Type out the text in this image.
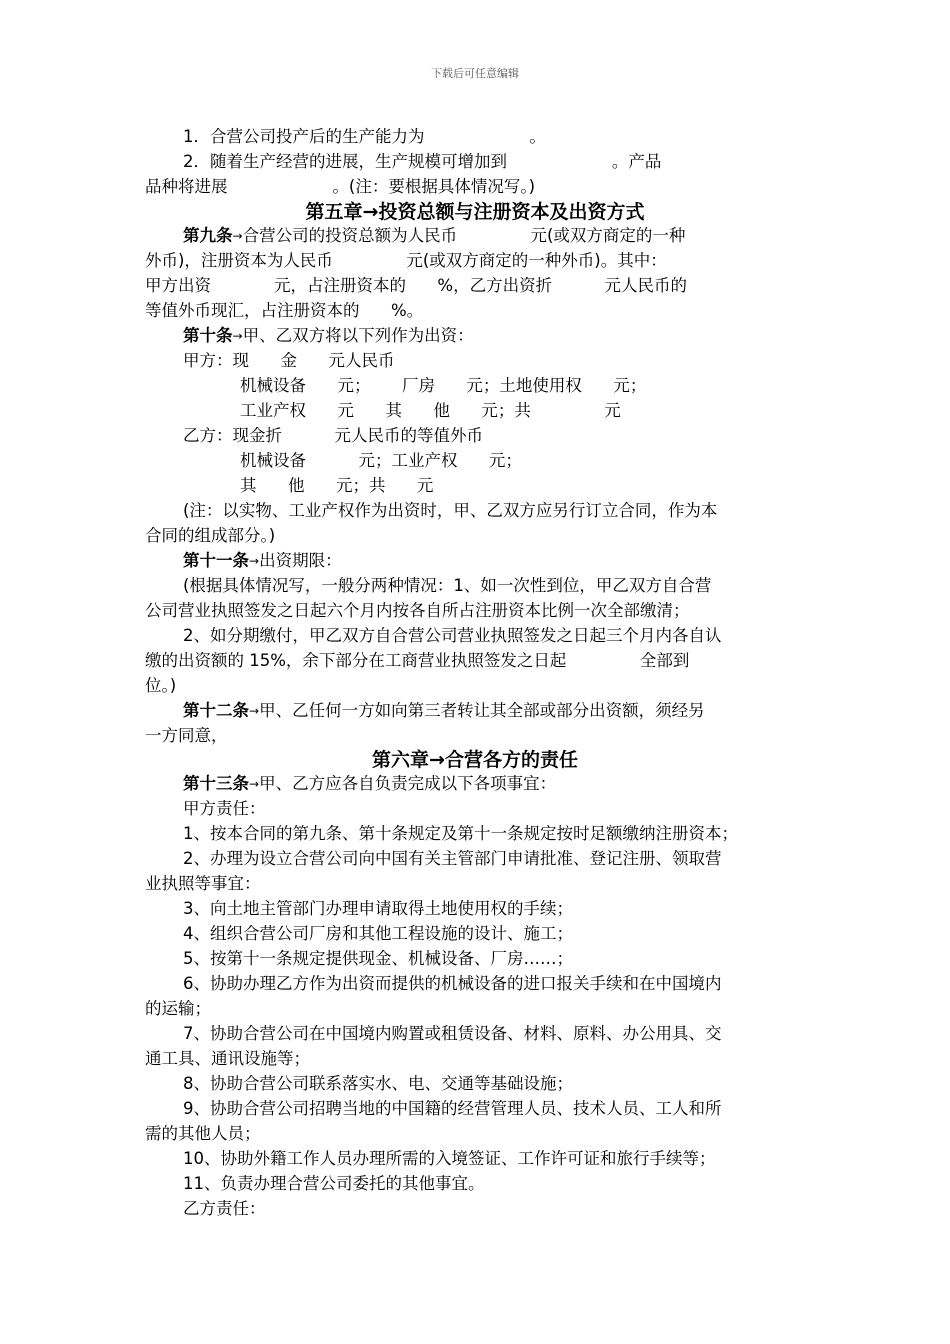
下载后可任意编辑
1．合营公司投产后的生产能力为                    。
2．随着生产经营的进展，生产规模可增加到                    。产品
品种将进展                    。(注：要根据具体情况写。)
第五章→投资总额与注册资本及出资方式
第九条→合营公司的投资总额为人民币              元(或双方商定的一种
外币)，注册资本为人民币              元(或双方商定的一种外币)。其中：
甲方出资            元，占注册资本的      %，乙方出资折          元人民币的
等值外币现汇，占注册资本的      %。
第十条→甲、乙双方将以下列作为出资：
甲方：现      金      元人民币
机械设备      元；      厂房      元；土地使用权      元；
工业产权      元      其      他      元；共              元
乙方：现金折          元人民币的等值外币
机械设备          元；工业产权      元；
其      他      元；共      元
(注：以实物、工业产权作为出资时，甲、乙双方应另行订立合同，作为本
合同的组成部分。)
第十一条→出资期限：
(根据具体情况写，一般分两种情况：1、如一次性到位，甲乙双方自合营
公司营业执照签发之日起六个月内按各自所占注册资本比例一次全部缴清；
2、如分期缴付，甲乙双方自合营公司营业执照签发之日起三个月内各自认
缴的出资额的 15%，余下部分在工商营业执照签发之日起              全部到
位。)
第十二条→甲、乙任何一方如向第三者转让其全部或部分出资额，须经另
一方同意，
第六章→合营各方的责任
第十三条→甲、乙方应各自负责完成以下各项事宜：
甲方责任：
1、按本合同的第九条、第十条规定及第十一条规定按时足额缴纳注册资本；
2、办理为设立合营公司向中国有关主管部门申请批准、登记注册、领取营
业执照等事宜：
3、向土地主管部门办理申请取得土地使用权的手续；
4、组织合营公司厂房和其他工程设施的设计、施工；
5、按第十一条规定提供现金、机械设备、厂房……；
6、协助办理乙方作为出资而提供的机械设备的进口报关手续和在中国境内
的运输；
7、协助合营公司在中国境内购置或租赁设备、材料、原料、办公用具、交
通工具、通讯设施等；
8、协助合营公司联系落实水、电、交通等基础设施；
9、协助合营公司招聘当地的中国籍的经营管理人员、技术人员、工人和所
需的其他人员；
10、协助外籍工作人员办理所需的入境签证、工作许可证和旅行手续等；
11、负责办理合营公司委托的其他事宜。
乙方责任：
